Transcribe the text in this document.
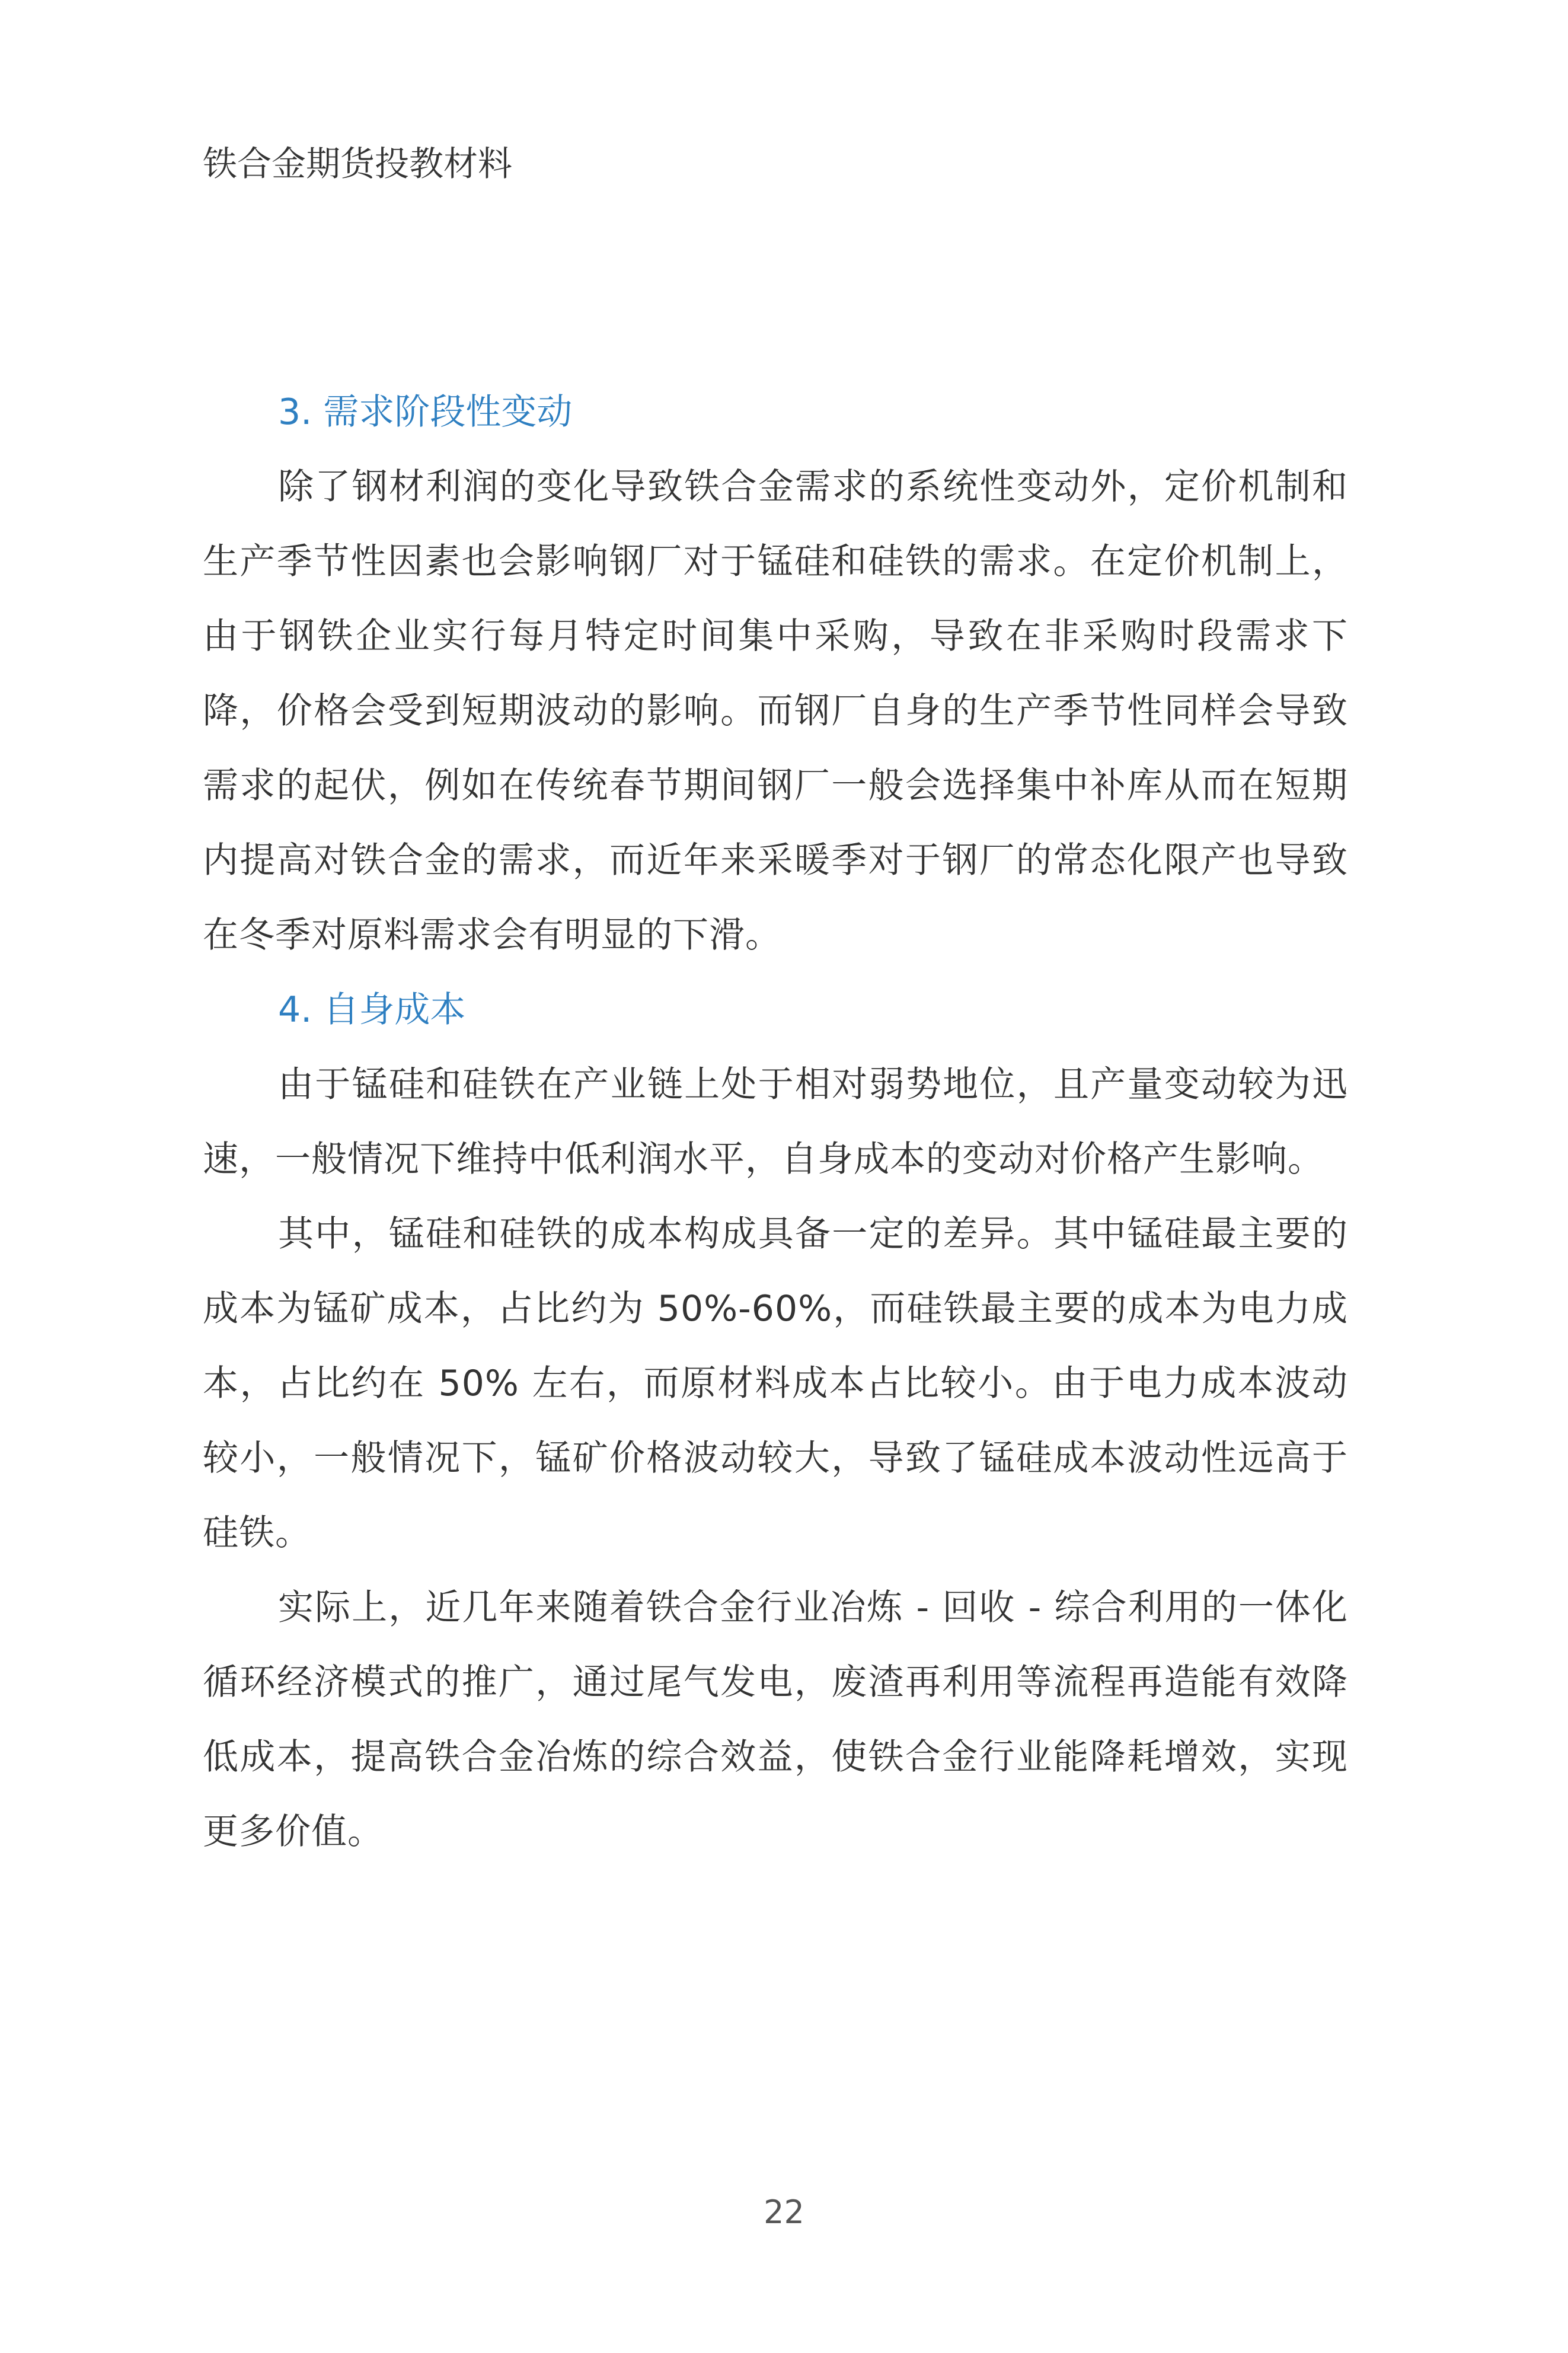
铁合金期货投教材料
3. 需求阶段性变动

除了钢材利润的变化导致铁合金需求的系统性变动外，定价机制和生产季节性因素也会影响钢厂对于锰硅和硅铁的需求。在定价机制上，由于钢铁企业实行每月特定时间集中采购，导致在非采购时段需求下降，价格会受到短期波动的影响。而钢厂自身的生产季节性同样会导致需求的起伏，例如在传统春节期间钢厂一般会选择集中补库从而在短期内提高对铁合金的需求，而近年来采暖季对于钢厂的常态化限产也导致在冬季对原料需求会有明显的下滑。

4. 自身成本

由于锰硅和硅铁在产业链上处于相对弱势地位，且产量变动较为迅速，一般情况下维持中低利润水平，自身成本的变动对价格产生影响。

其中，锰硅和硅铁的成本构成具备一定的差异。其中锰硅最主要的成本为锰矿成本，占比约为 50%-60%，而硅铁最主要的成本为电力成本，占比约在 50% 左右，而原材料成本占比较小。由于电力成本波动较小，一般情况下，锰矿价格波动较大，导致了锰硅成本波动性远高于硅铁。

实际上，近几年来随着铁合金行业冶炼 - 回收 - 综合利用的一体化循环经济模式的推广，通过尾气发电，废渣再利用等流程再造能有效降低成本，提高铁合金冶炼的综合效益，使铁合金行业能降耗增效，实现更多价值。

22
